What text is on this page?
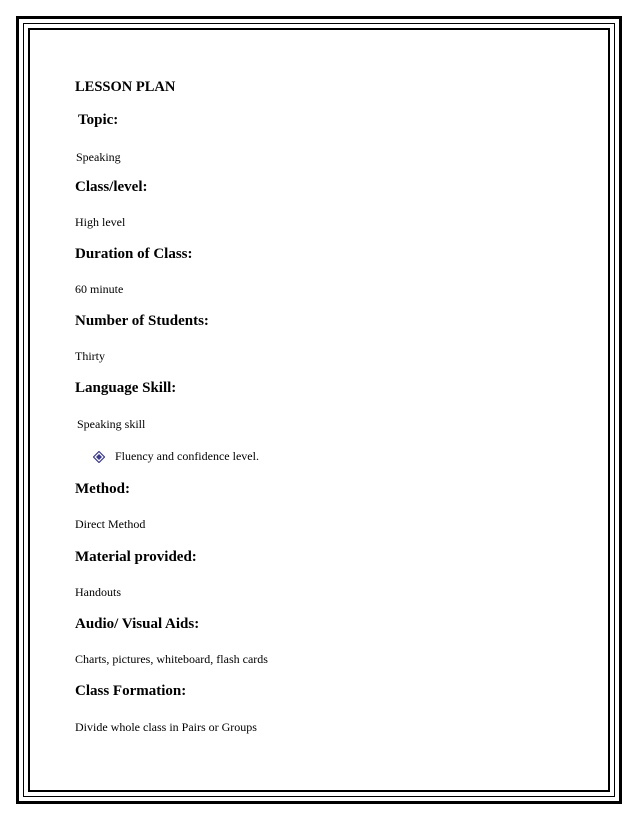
LESSON PLAN
Topic:
Speaking
Class/level:
High level
Duration of Class:
60 minute
Number of Students:
Thirty
Language Skill:
Speaking skill
Fluency and confidence level.
Method:
Direct Method
Material provided:
Handouts
Audio/ Visual Aids:
Charts, pictures, whiteboard, flash cards
Class Formation:
Divide whole class in Pairs or Groups
